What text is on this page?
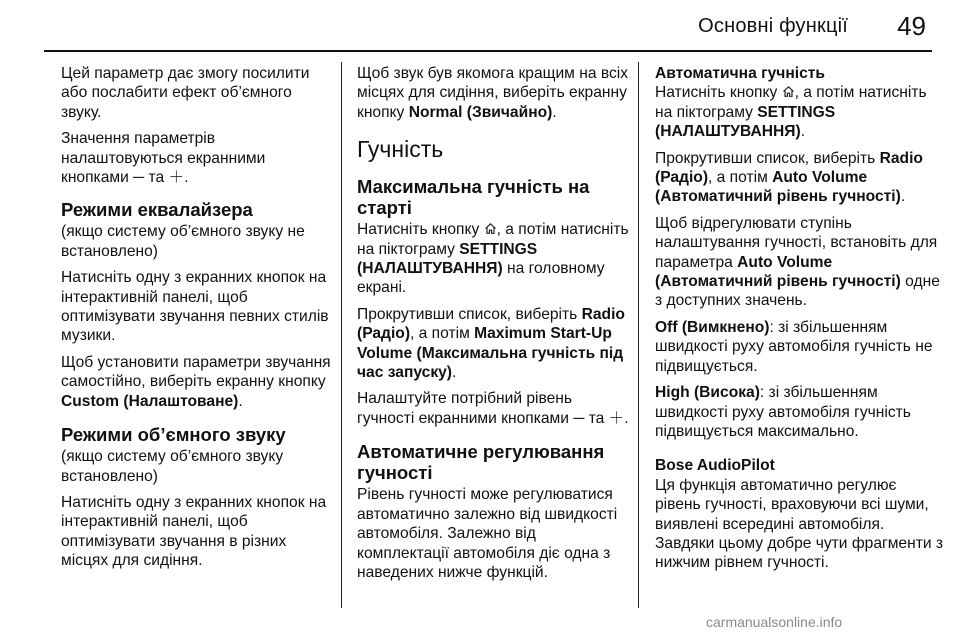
Основні функції 49

Цей параметр дає змогу посилити або послабити ефект об’ємного звуку.

Значення параметрів налаштовуються екранними кнопками ─ та ＋.

Режими еквалайзера

(якщо систему об’ємного звуку не встановлено)

Натисніть одну з екранних кнопок на інтерактивній панелі, щоб оптимізувати звучання певних стилів музики.

Щоб установити параметри звучання самостійно, виберіть екранну кнопку Custom (Налаштоване).

Режими об’ємного звуку

(якщо систему об’ємного звуку встановлено)

Натисніть одну з екранних кнопок на інтерактивній панелі, щоб оптимізувати звучання в різних місцях для сидіння.

Щоб звук був якомога кращим на всіх місцях для сидіння, виберіть екранну кнопку Normal (Звичайно).

Гучність
Максимальна гучність на старті

Натисніть кнопку , а потім натисніть на піктограму SETTINGS (НАЛАШТУВАННЯ) на головному екрані.

Прокрутивши список, виберіть Radio (Радіо), а потім Maximum Start-Up Volume (Максимальна гучність під час запуску).

Налаштуйте потрібний рівень гучності екранними кнопками ─ та ＋.

Автоматичне регулювання гучності

Рівень гучності може регулюватися автоматично залежно від швидкості автомобіля. Залежно від комплектації автомобіля діє одна з наведених нижче функцій.

Автоматична гучність
Натисніть кнопку , а потім натисніть на піктограму SETTINGS (НАЛАШТУВАННЯ).

Прокрутивши список, виберіть Radio (Радіо), а потім Auto Volume (Автоматичний рівень гучності).

Щоб відрегулювати ступінь налаштування гучності, встановіть для параметра Auto Volume (Автоматичний рівень гучності) одне з доступних значень.

Off (Вимкнено): зі збільшенням швидкості руху автомобіля гучність не підвищується.

High (Висока): зі збільшенням швидкості руху автомобіля гучність підвищується максимально.

Bose AudioPilot

Ця функція автоматично регулює рівень гучності, враховуючи всі шуми, виявлені всередині автомобіля. Завдяки цьому добре чути фрагменти з нижчим рівнем гучності.

carmanualsonline.info
